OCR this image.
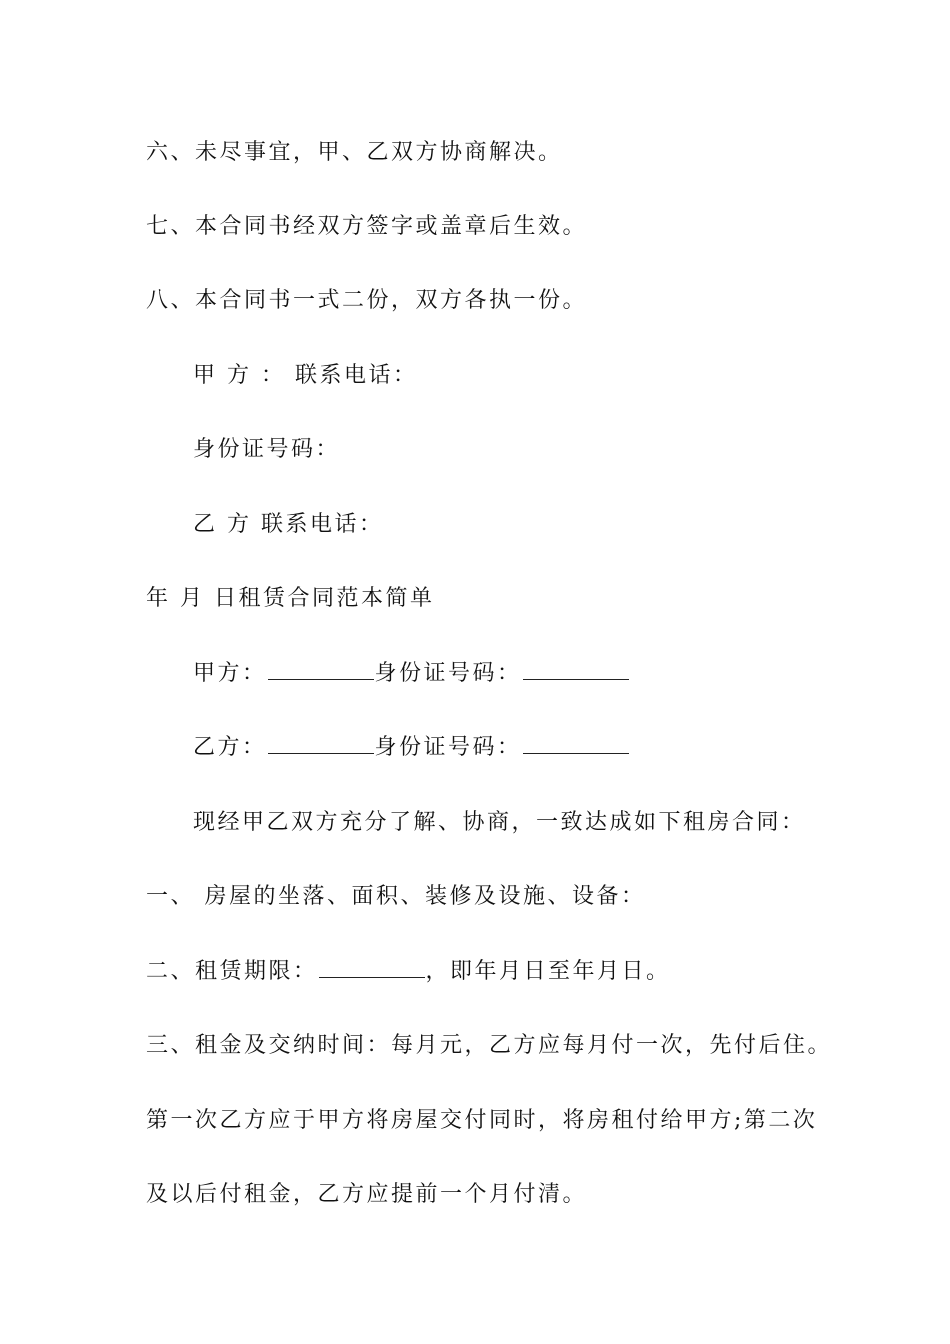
六、未尽事宜，甲、乙双方协商解决。
七、本合同书经双方签字或盖章后生效。
八、本合同书一式二份，双方各执一份。
甲 方 ： 联系电话：
身份证号码：
乙 方 联系电话：
年 月 日租赁合同范本简单
甲方：	身份证号码：
乙方：	身份证号码：
现经甲乙双方充分了解、协商，一致达成如下租房合同：
一、 房屋的坐落、面积、装修及设施、设备：
二、租赁期限：	，即年月日至年月日。
三、租金及交纳时间：每月元，乙方应每月付一次，先付后住。
第一次乙方应于甲方将房屋交付同时，将房租付给甲方;第二次
及以后付租金，乙方应提前一个月付清。
